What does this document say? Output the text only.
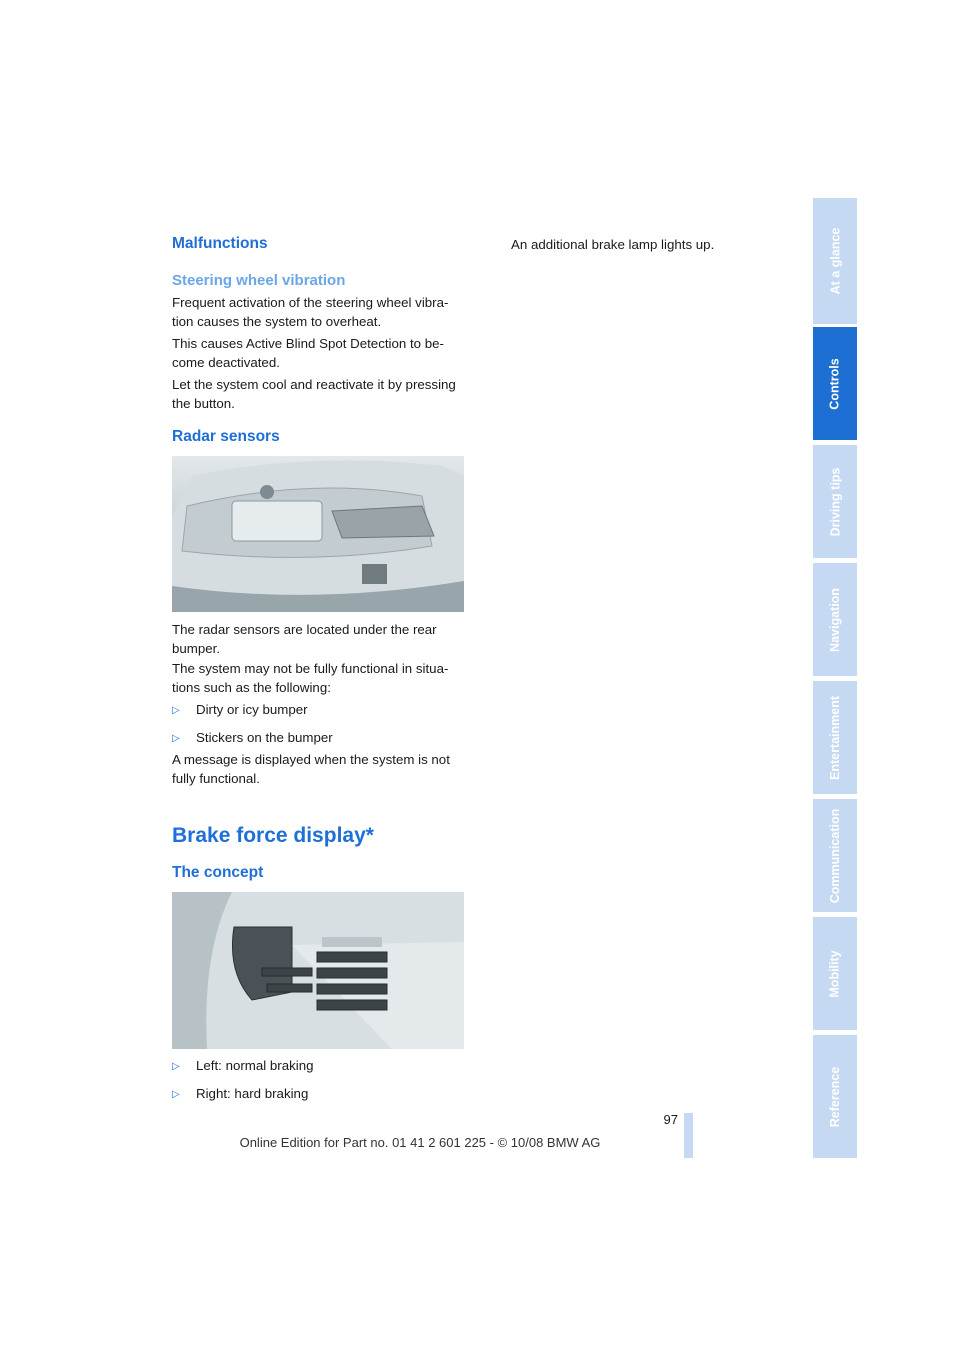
Malfunctions
Steering wheel vibration

Frequent activation of the steering wheel vibra-tion causes the system to overheat.

This causes Active Blind Spot Detection to be-come deactivated.

Let the system cool and reactivate it by pressing the button.

Radar sensors

The radar sensors are located under the rear bumper.

The system may not be fully functional in situa-tions such as the following:

▷	Dirty or icy bumper
▷	Stickers on the bumper

A message is displayed when the system is not fully functional.

Brake force display*
The concept
▷	Left: normal braking
▷	Right: hard braking

An additional brake lamp lights up.	At a glance
Controls
Driving tips
Navigation
Entertainment
Communication
Mobility
Reference
97
Online Edition for Part no. 01 41 2 601 225 - © 10/08 BMW AG
